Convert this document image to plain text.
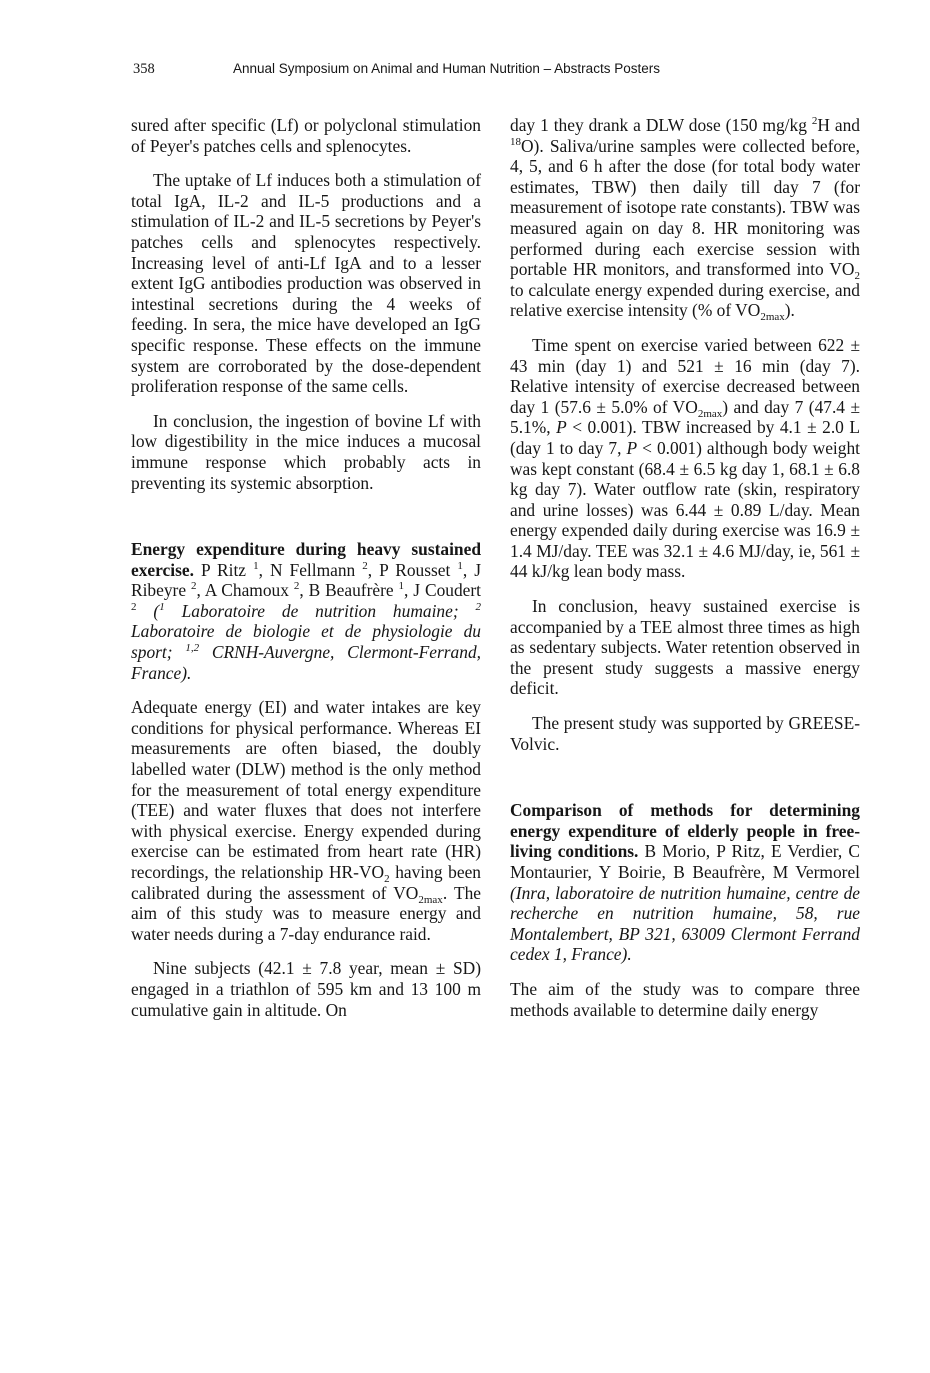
358	Annual Symposium on Animal and Human Nutrition – Abstracts Posters

sured after specific (Lf) or polyclonal stimulation of Peyer's patches cells and splenocytes.

The uptake of Lf induces both a stimulation of total IgA, IL-2 and IL-5 productions and a stimulation of IL-2 and IL-5 secretions by Peyer's patches cells and splenocytes respectively. Increasing level of anti-Lf IgA and to a lesser extent IgG antibodies production was observed in intestinal secretions during the 4 weeks of feeding. In sera, the mice have developed an IgG specific response. These effects on the immune system are corroborated by the dose-dependent proliferation response of the same cells.

In conclusion, the ingestion of bovine Lf with low digestibility in the mice induces a mucosal immune response which probably acts in preventing its systemic absorption.

Energy expenditure during heavy sustained exercise. P Ritz $^1$, N Fellmann $^2$, P Rousset $^1$, J Ribeyre $^2$, A Chamoux $^2$, B Beaufrère $^1$, J Coudert $^2$ ($^1$ Laboratoire de nutrition humaine; $^2$ Laboratoire de biologie et de physiologie du sport; $^{1,2}$ CRNH-Auvergne, Clermont-Ferrand, France).

Adequate energy (EI) and water intakes are key conditions for physical performance. Whereas EI measurements are often biased, the doubly labelled water (DLW) method is the only method for the measurement of total energy expenditure (TEE) and water fluxes that does not interfere with physical exercise. Energy expended during exercise can be estimated from heart rate (HR) recordings, the relationship $HR-VO_2$ having been calibrated during the assessment of $VO_{2max}$. The aim of this study was to measure energy and water needs during a 7-day endurance raid.

Nine subjects (42.1 ± 7.8 year, mean ± SD) engaged in a triathlon of 595 km and 13 100 m cumulative gain in altitude. On

day 1 they drank a DLW dose (150 mg/kg $^2$H and $^{18}$O). Saliva/urine samples were collected before, 4, 5, and 6 h after the dose (for total body water estimates, TBW) then daily till day 7 (for measurement of isotope rate constants). TBW was measured again on day 8. HR monitoring was performed during each exercise session with portable HR monitors, and transformed into $VO_2$ to calculate energy expended during exercise, and relative exercise intensity (% of $VO_{2max}$).

Time spent on exercise varied between 622 ± 43 min (day 1) and 521 ± 16 min (day 7). Relative intensity of exercise decreased between day 1 (57.6 ± 5.0% of $VO_{2max}$) and day 7 (47.4 ± 5.1%, P < 0.001). TBW increased by 4.1 ± 2.0 L (day 1 to day 7, P < 0.001) although body weight was kept constant (68.4 ± 6.5 kg day 1, 68.1 ± 6.8 kg day 7). Water outflow rate (skin, respiratory and urine losses) was 6.44 ± 0.89 L/day. Mean energy expended daily during exercise was 16.9 ± 1.4 MJ/day. TEE was 32.1 ± 4.6 MJ/day, ie, 561 ± 44 kJ/kg lean body mass.

In conclusion, heavy sustained exercise is accompanied by a TEE almost three times as high as sedentary subjects. Water retention observed in the present study suggests a massive energy deficit.

The present study was supported by GREESE-Volvic.

Comparison of methods for determining energy expenditure of elderly people in free-living conditions. B Morio, P Ritz, E Verdier, C Montaurier, Y Boirie, B Beaufrère, M Vermorel (Inra, laboratoire de nutrition humaine, centre de recherche en nutrition humaine, 58, rue Montalembert, BP 321, 63009 Clermont Ferrand cedex 1, France).

The aim of the study was to compare three methods available to determine daily energy
